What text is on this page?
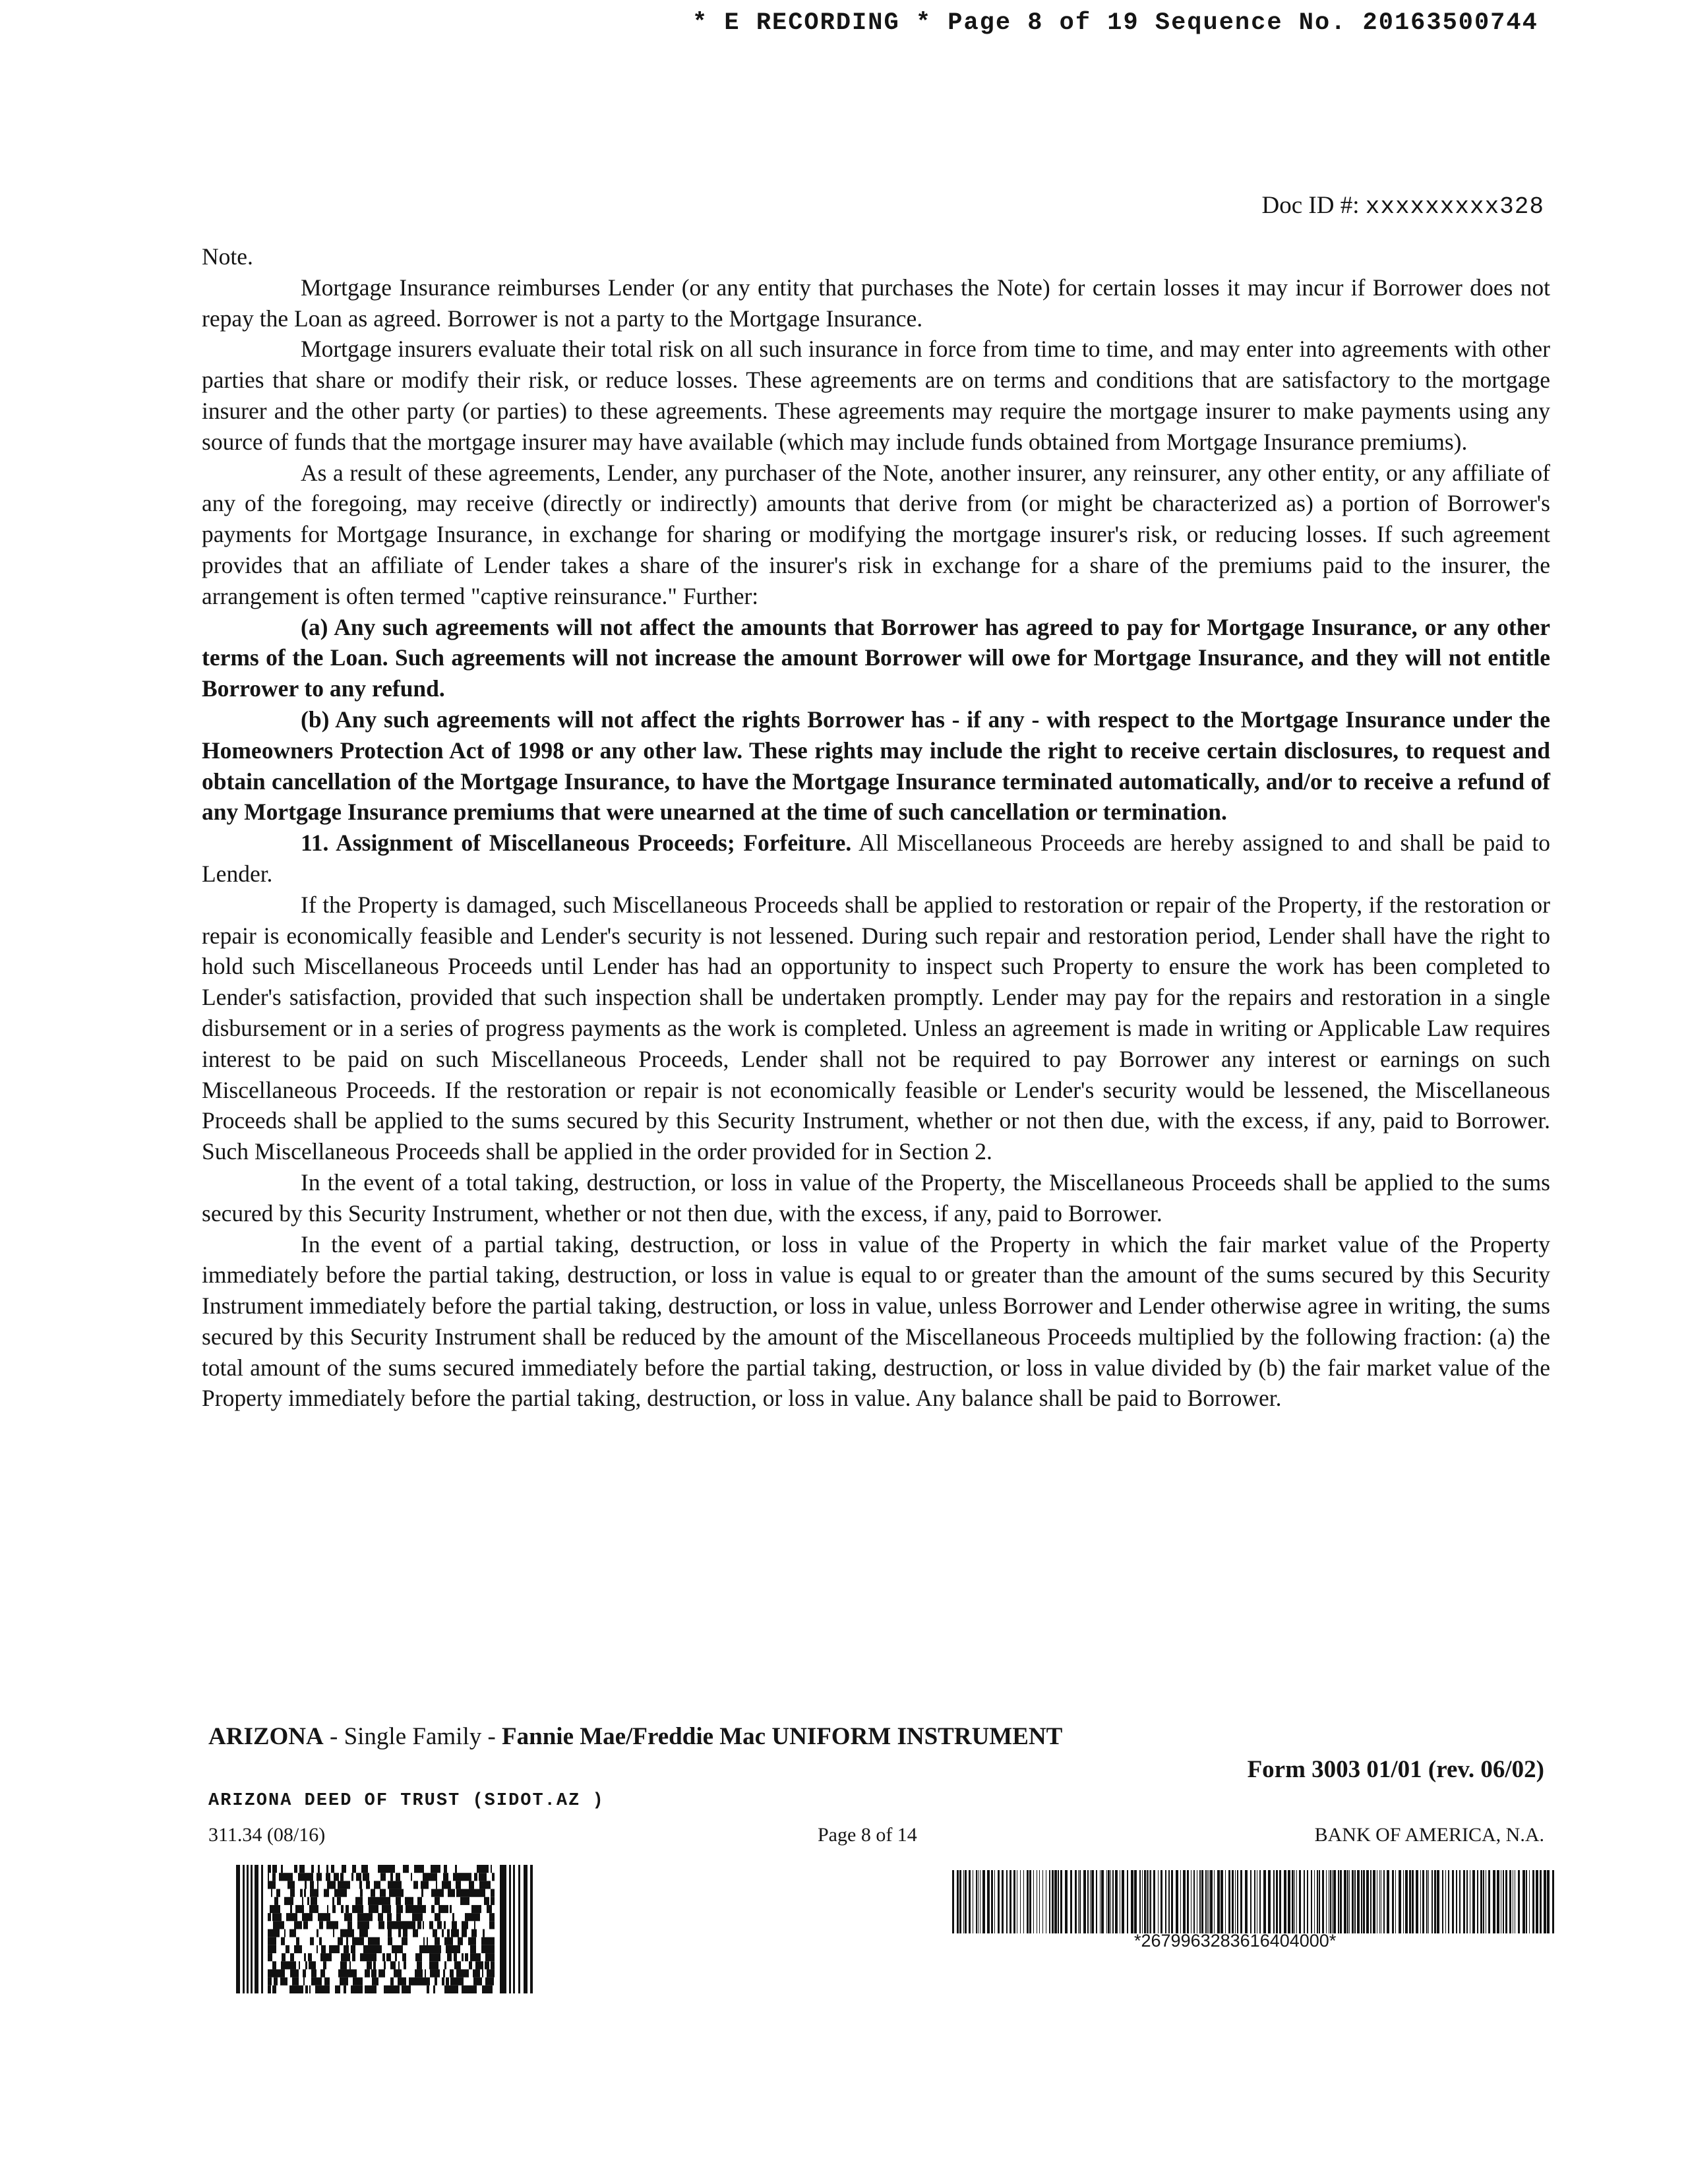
* E RECORDING * Page 8 of 19 Sequence No. 20163500744
Doc ID #: xxxxxxxxx328

Note.

Mortgage Insurance reimburses Lender (or any entity that purchases the Note) for certain losses it may incur if Borrower does not repay the Loan as agreed. Borrower is not a party to the Mortgage Insurance.

Mortgage insurers evaluate their total risk on all such insurance in force from time to time, and may enter into agreements with other parties that share or modify their risk, or reduce losses. These agreements are on terms and conditions that are satisfactory to the mortgage insurer and the other party (or parties) to these agreements. These agreements may require the mortgage insurer to make payments using any source of funds that the mortgage insurer may have available (which may include funds obtained from Mortgage Insurance premiums).

As a result of these agreements, Lender, any purchaser of the Note, another insurer, any reinsurer, any other entity, or any affiliate of any of the foregoing, may receive (directly or indirectly) amounts that derive from (or might be characterized as) a portion of Borrower's payments for Mortgage Insurance, in exchange for sharing or modifying the mortgage insurer's risk, or reducing losses. If such agreement provides that an affiliate of Lender takes a share of the insurer's risk in exchange for a share of the premiums paid to the insurer, the arrangement is often termed "captive reinsurance." Further:

(a) Any such agreements will not affect the amounts that Borrower has agreed to pay for Mortgage Insurance, or any other terms of the Loan. Such agreements will not increase the amount Borrower will owe for Mortgage Insurance, and they will not entitle Borrower to any refund.

(b) Any such agreements will not affect the rights Borrower has - if any - with respect to the Mortgage Insurance under the Homeowners Protection Act of 1998 or any other law. These rights may include the right to receive certain disclosures, to request and obtain cancellation of the Mortgage Insurance, to have the Mortgage Insurance terminated automatically, and/or to receive a refund of any Mortgage Insurance premiums that were unearned at the time of such cancellation or termination.

11. Assignment of Miscellaneous Proceeds; Forfeiture. All Miscellaneous Proceeds are hereby assigned to and shall be paid to Lender.

If the Property is damaged, such Miscellaneous Proceeds shall be applied to restoration or repair of the Property, if the restoration or repair is economically feasible and Lender's security is not lessened. During such repair and restoration period, Lender shall have the right to hold such Miscellaneous Proceeds until Lender has had an opportunity to inspect such Property to ensure the work has been completed to Lender's satisfaction, provided that such inspection shall be undertaken promptly. Lender may pay for the repairs and restoration in a single disbursement or in a series of progress payments as the work is completed. Unless an agreement is made in writing or Applicable Law requires interest to be paid on such Miscellaneous Proceeds, Lender shall not be required to pay Borrower any interest or earnings on such Miscellaneous Proceeds. If the restoration or repair is not economically feasible or Lender's security would be lessened, the Miscellaneous Proceeds shall be applied to the sums secured by this Security Instrument, whether or not then due, with the excess, if any, paid to Borrower. Such Miscellaneous Proceeds shall be applied in the order provided for in Section 2.

In the event of a total taking, destruction, or loss in value of the Property, the Miscellaneous Proceeds shall be applied to the sums secured by this Security Instrument, whether or not then due, with the excess, if any, paid to Borrower.

In the event of a partial taking, destruction, or loss in value of the Property in which the fair market value of the Property immediately before the partial taking, destruction, or loss in value is equal to or greater than the amount of the sums secured by this Security Instrument immediately before the partial taking, destruction, or loss in value, unless Borrower and Lender otherwise agree in writing, the sums secured by this Security Instrument shall be reduced by the amount of the Miscellaneous Proceeds multiplied by the following fraction: (a) the total amount of the sums secured immediately before the partial taking, destruction, or loss in value divided by (b) the fair market value of the Property immediately before the partial taking, destruction, or loss in value. Any balance shall be paid to Borrower.

ARIZONA - Single Family - Fannie Mae/Freddie Mac UNIFORM INSTRUMENT
Form 3003 01/01 (rev. 06/02)
ARIZONA DEED OF TRUST (SIDOT.AZ )
311.34 (08/16)	Page 8 of 14	BANK OF AMERICA, N.A.
*2679963283616404000*
